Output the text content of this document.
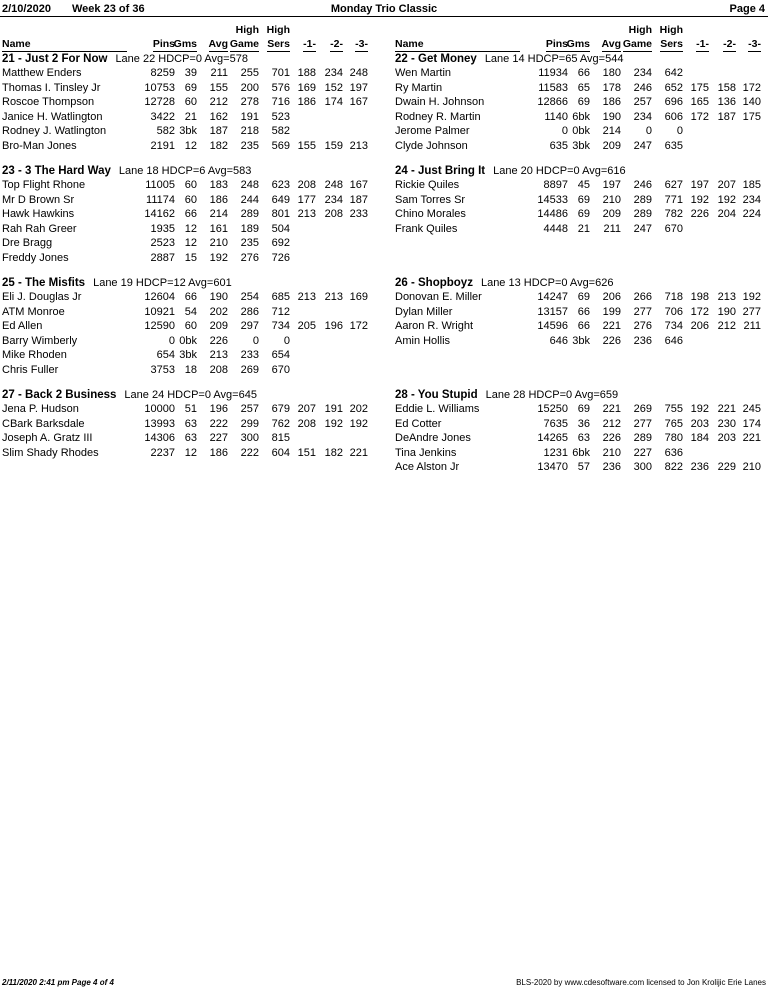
2/10/2020 Week 23 of 36	Monday Trio Classic	Page 4
Name	Pins
Gms Avg
High
Game
High
Sers -1- -2- -3-
21 - Just 2 For Now Lane 22 HDCP=0 Avg=578
Matthew Enders	8259 39 211 255 701 188 234 248
Thomas I. Tinsley Jr	10753 69 155 200 576 169 152 197
Roscoe Thompson	12728 60 212 278 716 186 174 167
Janice H. Watlington	3422 21 162 191 523
Rodney J. Watlington	582 3bk 187 218 582
Bro-Man Jones	2191 12 182 235 569 155 159 213
23 - 3 The Hard Way Lane 18 HDCP=6 Avg=583
Top Flight Rhone	11005 60 183 248 623 208 248 167
Mr D Brown Sr	11174 60 186 244 649 177 234 187
Hawk Hawkins	14162 66 214 289 801 213 208 233
Rah Rah Greer	1935 12 161 189 504
Dre Bragg	2523 12 210 235 692
Freddy Jones	2887 15 192 276 726
25 - The Misfits Lane 19 HDCP=12 Avg=601
Eli J. Douglas Jr	12604 66 190 254 685 213 213 169
ATM Monroe	10921 54 202 286 712
Ed Allen	12590 60 209 297 734 205 196 172
Barry Wimberly	0 0bk 226 0 0
Mike Rhoden	654 3bk 213 233 654
Chris Fuller	3753 18 208 269 670
27 - Back 2 Business Lane 24 HDCP=0 Avg=645
Jena P. Hudson	10000 51 196 257 679 207 191 202
CBark Barksdale	13993 63 222 299 762 208 192 192
Joseph A. Gratz III	14306 63 227 300 815
Slim Shady Rhodes	2237 12 186 222 604 151 182 221
Name	Pins
Gms Avg
High
Game
High
Sers -1- -2- -3-
22 - Get Money Lane 14 HDCP=65 Avg=544
Wen Martin	11934 66 180 234 642
Ry Martin	11583 65 178 246 652 175 158 172
Dwain H. Johnson	12866 69 186 257 696 165 136 140
Rodney R. Martin	1140 6bk 190 234 606 172 187 175
Jerome Palmer	0 0bk 214 0 0
Clyde Johnson	635 3bk 209 247 635
24 - Just Bring It Lane 20 HDCP=0 Avg=616
Rickie Quiles	8897 45 197 246 627 197 207 185
Sam Torres Sr	14533 69 210 289 771 192 192 234
Chino Morales	14486 69 209 289 782 226 204 224
Frank Quiles	4448 21 211 247 670
26 - Shopboyz Lane 13 HDCP=0 Avg=626
Donovan E. Miller	14247 69 206 266 718 198 213 192
Dylan Miller	13157 66 199 277 706 172 190 277
Aaron R. Wright	14596 66 221 276 734 206 212 211
Amin Hollis	646 3bk 226 236 646
28 - You Stupid Lane 28 HDCP=0 Avg=659
Eddie L. Williams	15250 69 221 269 755 192 221 245
Ed Cotter	7635 36 212 277 765 203 230 174
DeAndre Jones	14265 63 226 289 780 184 203 221
Tina Jenkins	1231 6bk 210 227 636
Ace Alston Jr	13470 57 236 300 822 236 229 210
2/11/2020 2:41 pm Page 4 of 4	BLS-2020 by www.cdesoftware.com licensed to Jon Krolijic Erie Lanes
